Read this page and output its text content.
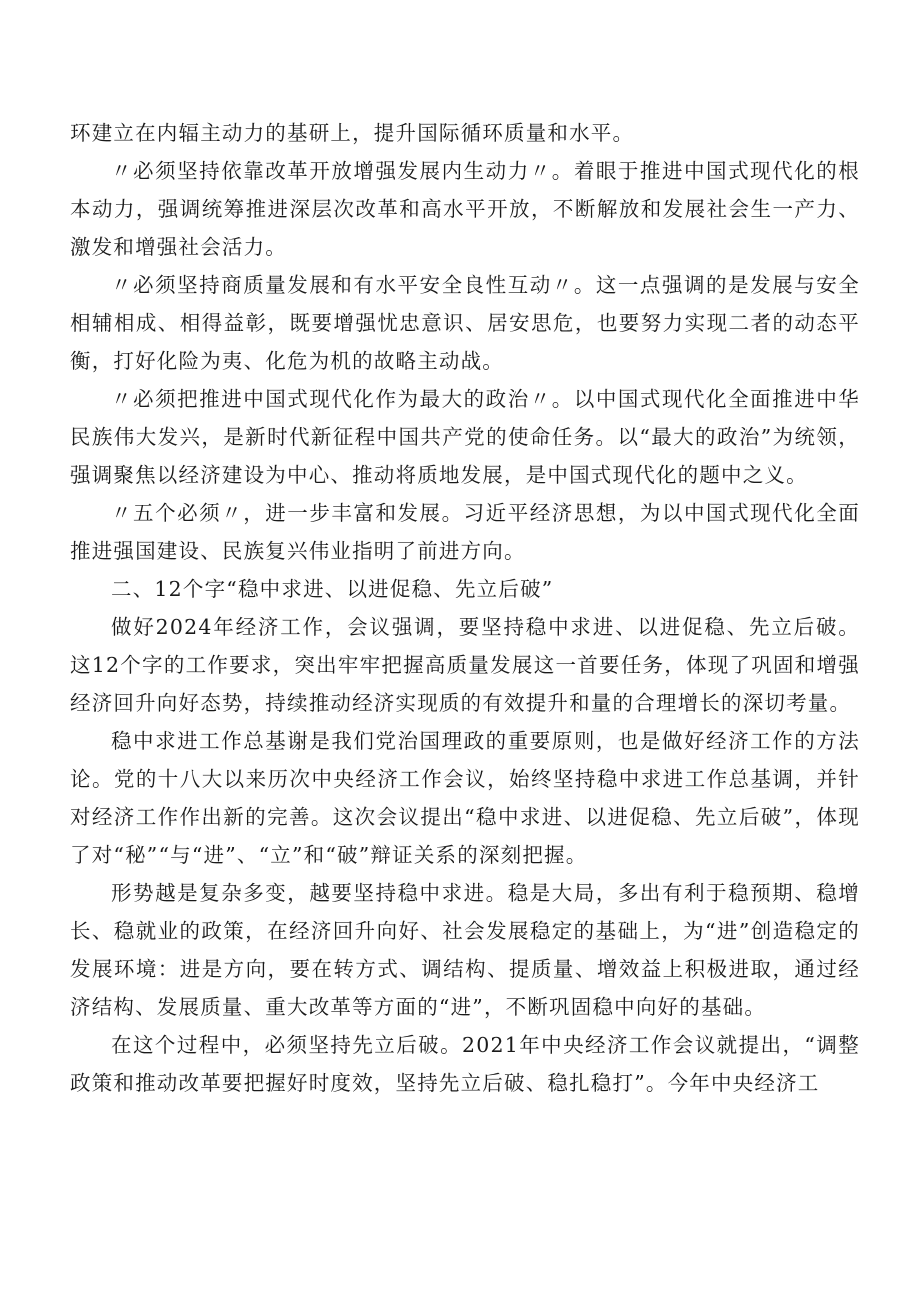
环建立在内辐主动力的基研上，提升国际循环质量和水平。

〃必须坚持依靠改革开放增强发展内生动力〃。着眼于推进中国式现代化的根本动力，强调统筹推进深层次改革和高水平开放，不断解放和发展社会生一产力、激发和增强社会活力。

〃必须坚持商质量发展和有水平安全良性互动〃。这一点强调的是发展与安全相辅相成、相得益彰，既要增强忧忠意识、居安思危，也要努力实现二者的动态平衡，打好化险为夷、化危为机的故略主动战。

〃必须把推进中国式现代化作为最大的政治〃。以中国式现代化全面推进中华民族伟大发兴，是新时代新征程中国共产党的使命任务。以“最大的政治”为统领，强调聚焦以经济建设为中心、推动将质地发展，是中国式现代化的题中之义。

〃五个必须〃，进一步丰富和发展。习近平经济思想，为以中国式现代化全面推进强国建设、民族复兴伟业指明了前进方向。

二、12个字“稳中求进、以进促稳、先立后破”

做好2024年经济工作，会议强调，要坚持稳中求进、以进促稳、先立后破。这12个字的工作要求，突出牢牢把握高质量发展这一首要任务，体现了巩固和增强经济回升向好态势，持续推动经济实现质的有效提升和量的合理增长的深切考量。

稳中求进工作总基谢是我们党治国理政的重要原则，也是做好经济工作的方法论。党的十八大以来历次中央经济工作会议，始终坚持稳中求进工作总基调，并针对经济工作作出新的完善。这次会议提出“稳中求进、以进促稳、先立后破”，体现了对“秘”“与“进”、“立”和“破”辩证关系的深刻把握。

形势越是复杂多变，越要坚持稳中求进。稳是大局，多出有利于稳预期、稳增长、稳就业的政策，在经济回升向好、社会发展稳定的基础上，为“进”创造稳定的发展环境：进是方向，要在转方式、调结构、提质量、增效益上积极进取，通过经济结构、发展质量、重大改革等方面的“进”，不断巩固稳中向好的基础。

在这个过程中，必须坚持先立后破。2021年中央经济工作会议就提出，“调整政策和推动改革要把握好时度效，坚持先立后破、稳扎稳打”。今年中央经济工
